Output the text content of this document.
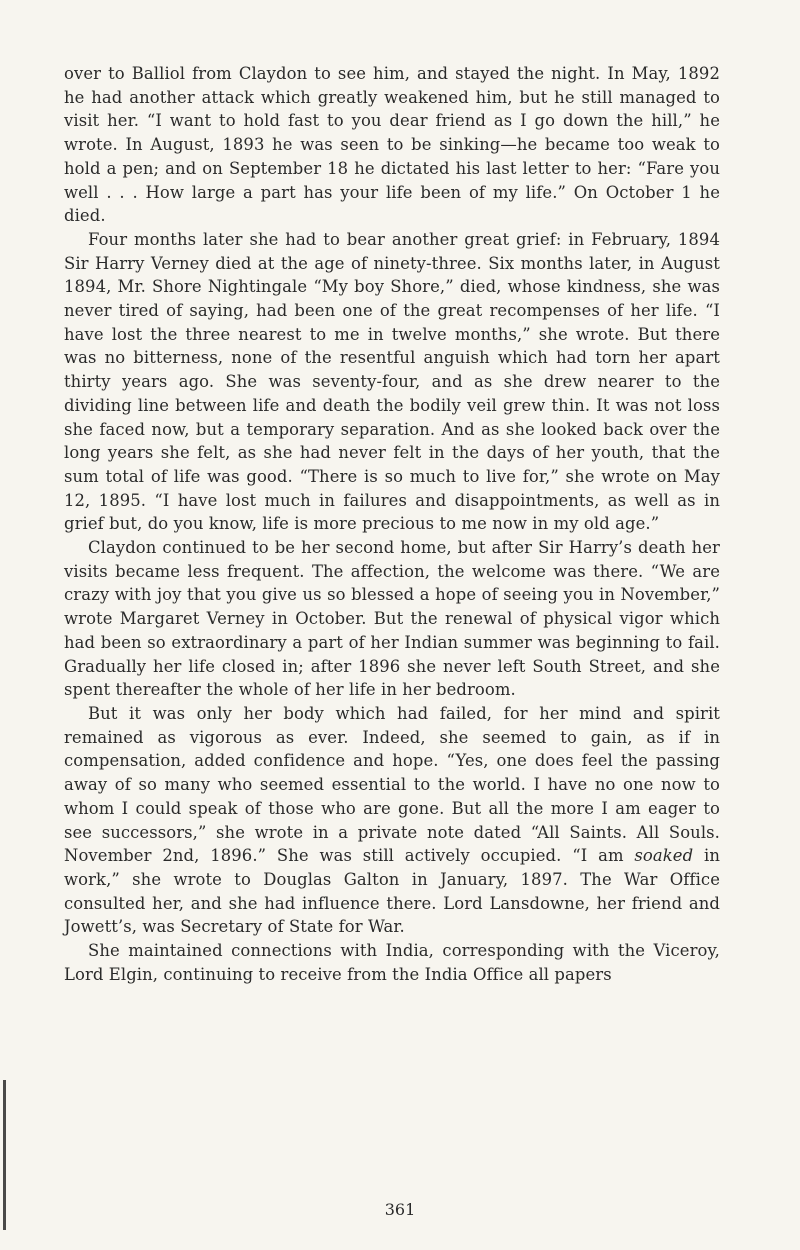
over to Balliol from Claydon to see him, and stayed the night. In May, 1892 he had another attack which greatly weakened him, but he still managed to visit her. “I want to hold fast to you dear friend as I go down the hill,” he wrote. In August, 1893 he was seen to be sinking—he became too weak to hold a pen; and on September 18 he dictated his last letter to her: “Fare you well . . . How large a part has your life been of my life.” On October 1 he died.

Four months later she had to bear another great grief: in February, 1894 Sir Harry Verney died at the age of ninety-three. Six months later, in August 1894, Mr. Shore Nightingale “My boy Shore,” died, whose kindness, she was never tired of saying, had been one of the great recompenses of her life. “I have lost the three nearest to me in twelve months,” she wrote. But there was no bitterness, none of the resentful anguish which had torn her apart thirty years ago. She was seventy-four, and as she drew nearer to the dividing line between life and death the bodily veil grew thin. It was not loss she faced now, but a temporary separation. And as she looked back over the long years she felt, as she had never felt in the days of her youth, that the sum total of life was good. “There is so much to live for,” she wrote on May 12, 1895. “I have lost much in failures and disappointments, as well as in grief but, do you know, life is more precious to me now in my old age.”

Claydon continued to be her second home, but after Sir Harry’s death her visits became less frequent. The affection, the welcome was there. “We are crazy with joy that you give us so blessed a hope of seeing you in November,” wrote Margaret Verney in October. But the renewal of physical vigor which had been so extraordinary a part of her Indian summer was beginning to fail. Gradually her life closed in; after 1896 she never left South Street, and she spent thereafter the whole of her life in her bedroom.

But it was only her body which had failed, for her mind and spirit remained as vigorous as ever. Indeed, she seemed to gain, as if in compensation, added confidence and hope. “Yes, one does feel the passing away of so many who seemed essential to the world. I have no one now to whom I could speak of those who are gone. But all the more I am eager to see successors,” she wrote in a private note dated “All Saints. All Souls. November 2nd, 1896.” She was still actively occupied. “I am soaked in work,” she wrote to Douglas Galton in January, 1897. The War Office consulted her, and she had influence there. Lord Lansdowne, her friend and Jowett’s, was Secretary of State for War.

She maintained connections with India, corresponding with the Viceroy, Lord Elgin, continuing to receive from the India Office all papers

361
